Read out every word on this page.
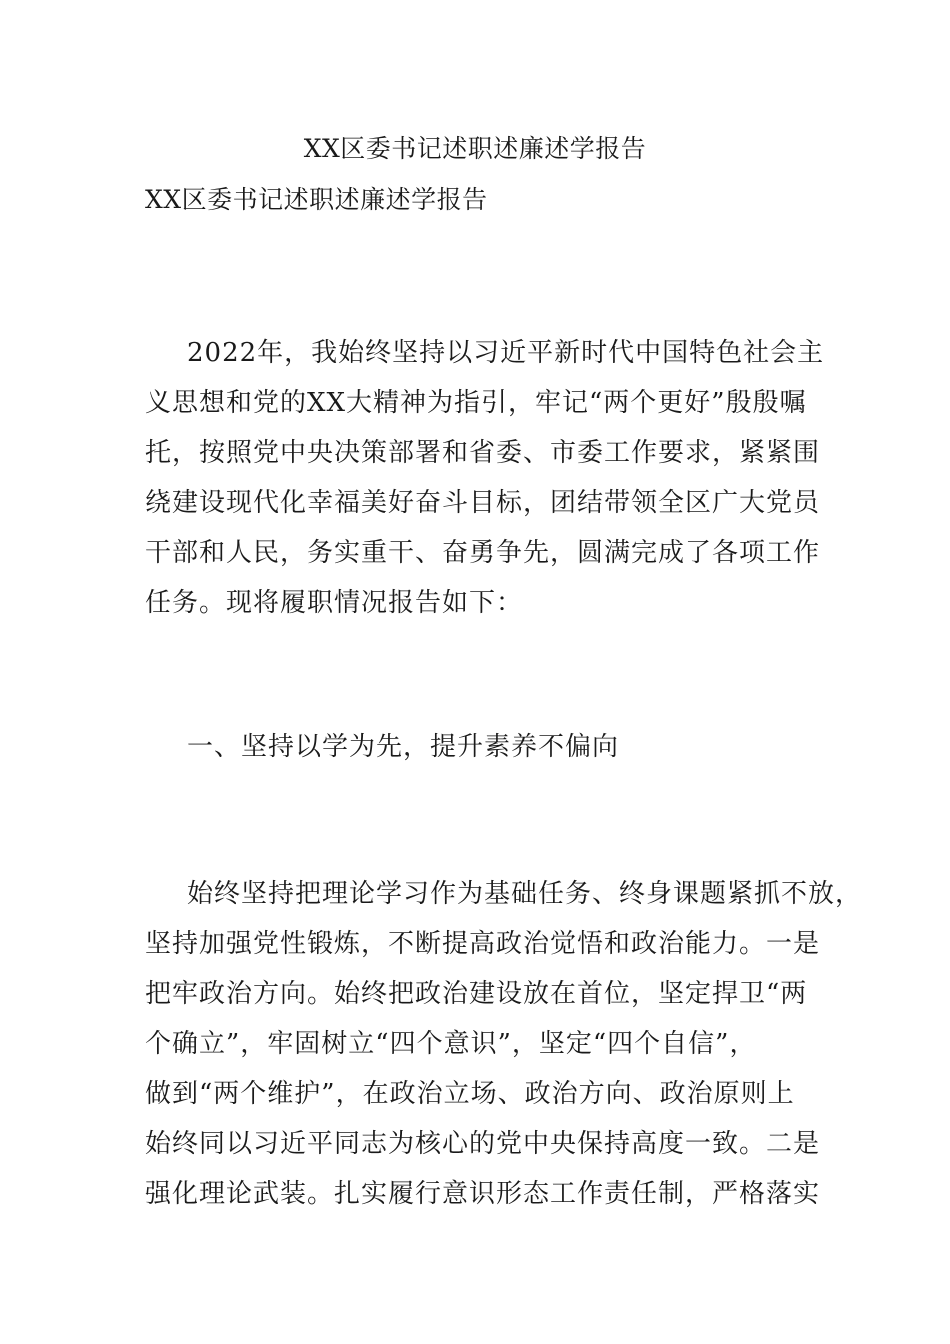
XX区委书记述职述廉述学报告
XX区委书记述职述廉述学报告
2022年，我始终坚持以习近平新时代中国特色社会主
义思想和党的XX大精神为指引，牢记“两个更好”殷殷嘱
托，按照党中央决策部署和省委、市委工作要求，紧紧围
绕建设现代化幸福美好奋斗目标，团结带领全区广大党员
干部和人民，务实重干、奋勇争先，圆满完成了各项工作
任务。现将履职情况报告如下：
一、坚持以学为先，提升素养不偏向
始终坚持把理论学习作为基础任务、终身课题紧抓不放，
坚持加强党性锻炼，不断提高政治觉悟和政治能力。一是
把牢政治方向。始终把政治建设放在首位，坚定捍卫“两
个确立”，牢固树立“四个意识”，坚定“四个自信”，
做到“两个维护”，在政治立场、政治方向、政治原则上
始终同以习近平同志为核心的党中央保持高度一致。二是
强化理论武装。扎实履行意识形态工作责任制，严格落实
